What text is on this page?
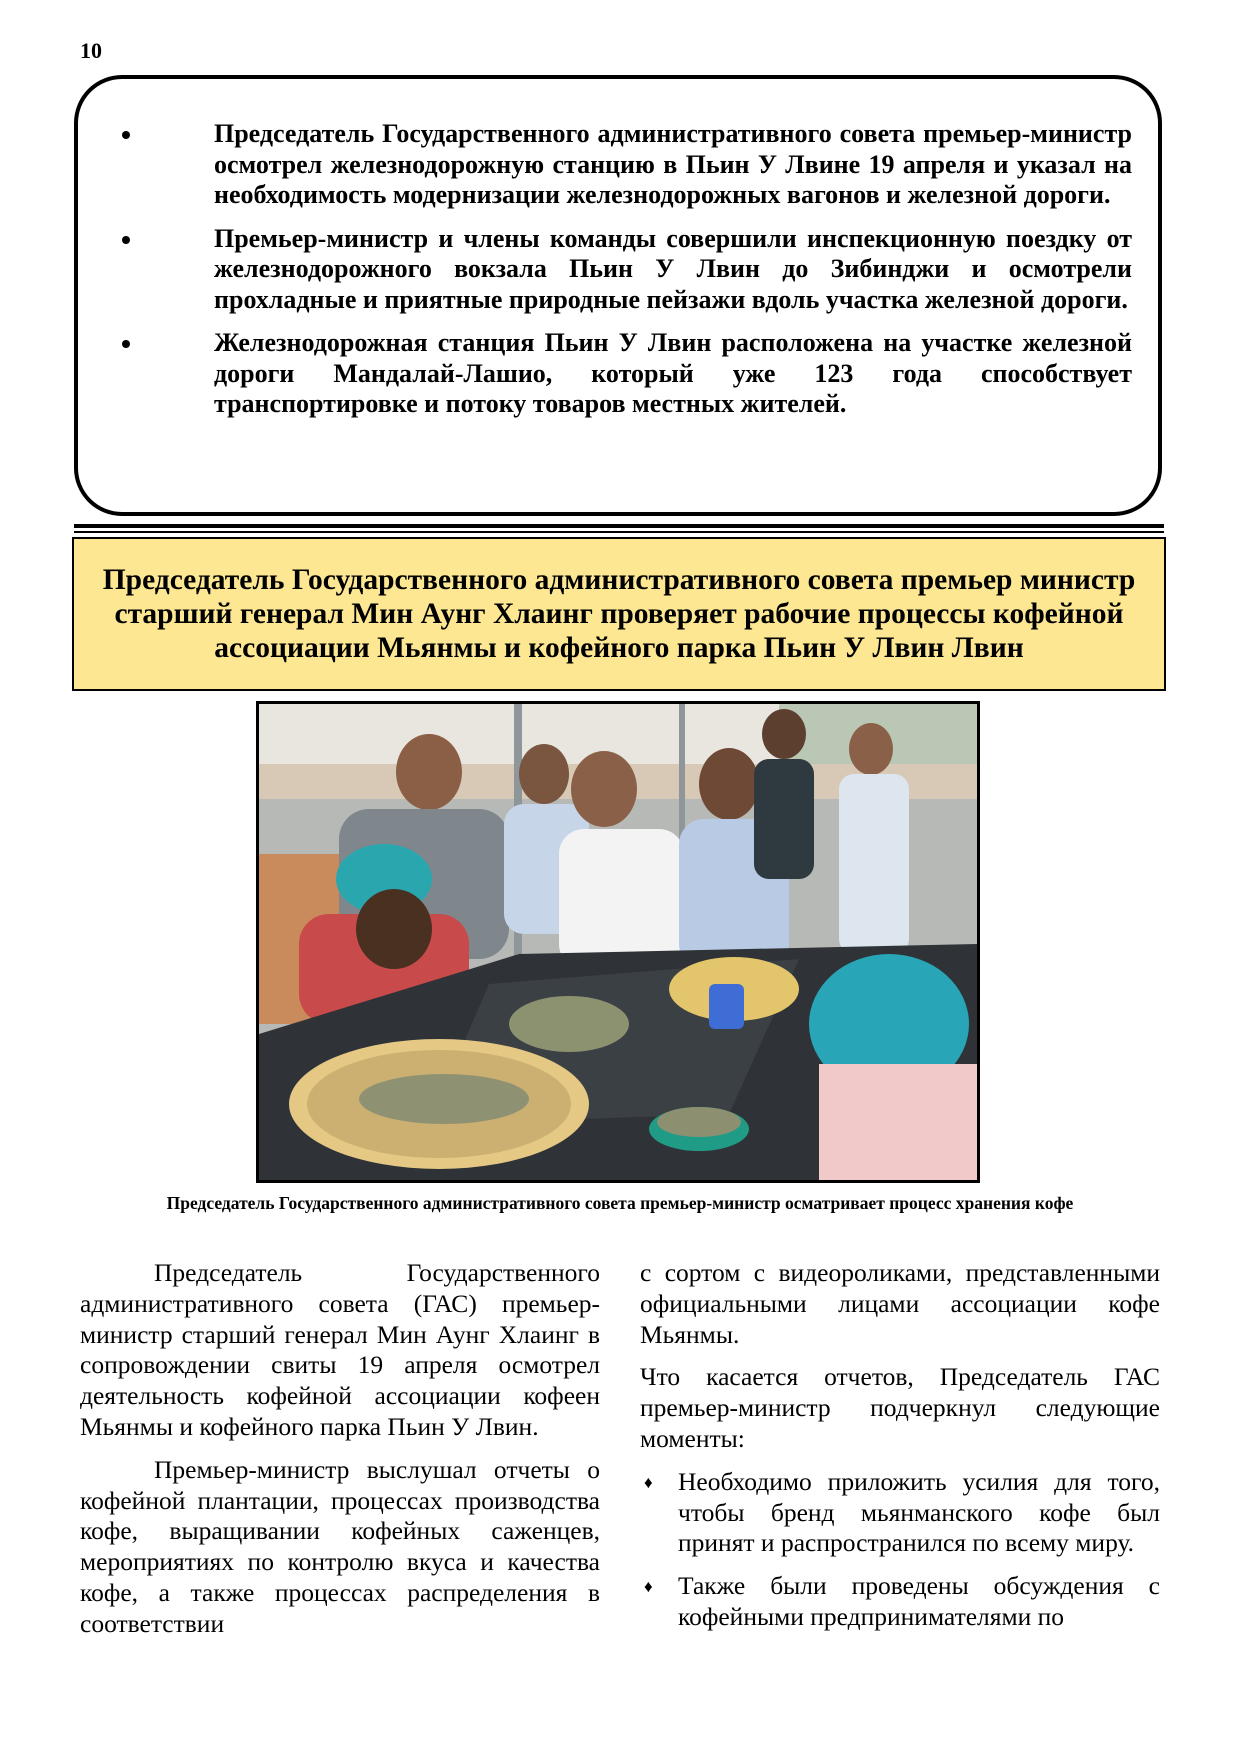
10
Председатель Государственного административного совета премьер-министр осмотрел железнодорожную станцию в Пьин У Лвине 19 апреля и указал на необходимость модернизации железнодорожных вагонов и железной дороги.
Премьер-министр и члены команды совершили инспекционную поездку от железнодорожного вокзала Пьин У Лвин до Зибинджи и осмотрели прохладные и приятные природные пейзажи вдоль участка железной дороги.
Железнодорожная станция Пьин У Лвин расположена на участке железной дороги Мандалай-Лашио, который уже 123 года способствует транспортировке и потоку товаров местных жителей.
Председатель Государственного административного совета премьер министр старший генерал Мин Аунг Хлаинг проверяет рабочие процессы кофейной ассоциации Мьянмы и кофейного парка Пьин У Лвин Лвин
Председатель Государственного административного совета премьер-министр осматривает процесс хранения кофе

Председатель Государственного административного совета (ГАС) премьер-министр старший генерал Мин Аунг Хлаинг в сопровождении свиты 19 апреля осмотрел деятельность кофейной ассоциации кофеен Мьянмы и кофейного парка Пьин У Лвин.

Премьер-министр выслушал отчеты о кофейной плантации, процессах производства кофе, выращивании кофейных саженцев, мероприятиях по контролю вкуса и качества кофе, а также процессах распределения в соответствии

с сортом с видеороликами, представленными официальными лицами ассоциации кофе Мьянмы.

Что касается отчетов, Председатель ГАС премьер-министр подчеркнул следующие моменты:

♦ Необходимо приложить усилия для того, чтобы бренд мьянманского кофе был принят и распространился по всему миру.
♦ Также были проведены обсуждения с кофейными предпринимателями по
